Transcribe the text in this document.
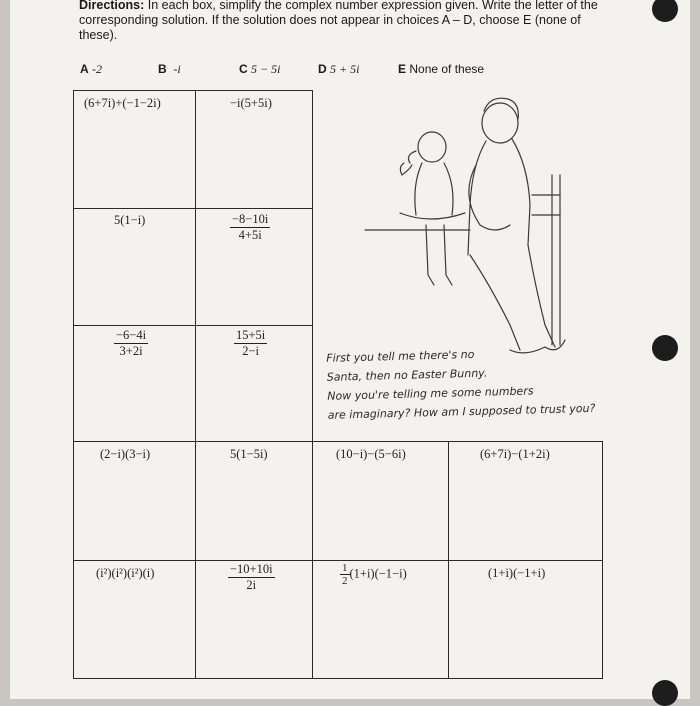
Directions: In each box, simplify the complex number expression given. Write the letter of the corresponding solution. If the solution does not appear in choices A – D, choose E (none of these).
A -2	B -i	C 5 − 5i	D 5 + 5i	E None of these
(6+7i)+(−1−2i)	−i(5+5i)
5(1−i)	$\frac{-8-10i}{4+5i}$
$\frac{-6-4i}{3+2i}$	$\frac{15+5i}{2-i}$
(2−i)(3−i)	5(1−5i)	(10−i)−(5−6i)	(6+7i)−(1+2i)
(i²)(i²)(i²)(i)	$\frac{-10+10i}{2i}$	$\frac{1}{2} (1+i)(-1-i)$	(1+i)(−1+i)
First you tell me there's no
Santa, then no Easter Bunny.
Now you're telling me some numbers
are imaginary? How am I supposed to trust you?
